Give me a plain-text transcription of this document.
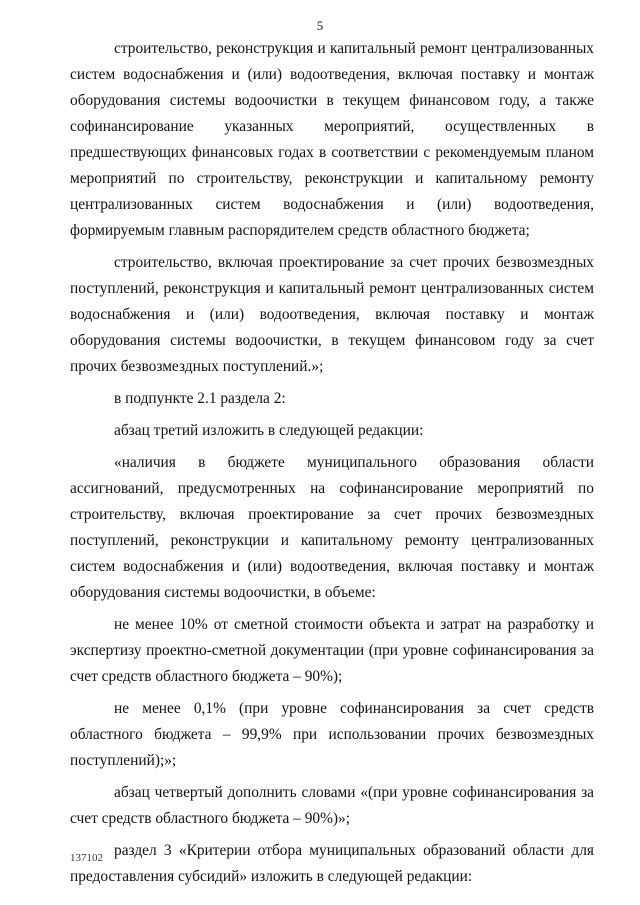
5

строительство, реконструкция и капитальный ремонт централизованных систем водоснабжения и (или) водоотведения, включая поставку и монтаж оборудования системы водоочистки в текущем финансовом году, а также софинансирование указанных мероприятий, осуществленных в предшествующих финансовых годах в соответствии с рекомендуемым планом мероприятий по строительству, реконструкции и капитальному ремонту централизованных систем водоснабжения и (или) водоотведения, формируемым главным распорядителем средств областного бюджета;

строительство, включая проектирование за счет прочих безвозмездных поступлений, реконструкция и капитальный ремонт централизованных систем водоснабжения и (или) водоотведения, включая поставку и монтаж оборудования системы водоочистки, в текущем финансовом году за счет прочих безвозмездных поступлений.»;

в подпункте 2.1 раздела 2:

абзац третий изложить в следующей редакции:

«наличия в бюджете муниципального образования области ассигнований, предусмотренных на софинансирование мероприятий по строительству, включая проектирование за счет прочих безвозмездных поступлений, реконструкции и капитальному ремонту централизованных систем водоснабжения и (или) водоотведения, включая поставку и монтаж оборудования системы водоочистки, в объеме:

не менее 10% от сметной стоимости объекта и затрат на разработку и экспертизу проектно-сметной документации (при уровне софинансирования за счет средств областного бюджета – 90%);

не менее 0,1% (при уровне софинансирования за счет средств областного бюджета – 99,9% при использовании прочих безвозмездных поступлений);»;

абзац четвертый дополнить словами «(при уровне софинансирования за счет средств областного бюджета – 90%)»;

раздел 3 «Критерии отбора муниципальных образований области для предоставления субсидий» изложить в следующей редакции:

137102
